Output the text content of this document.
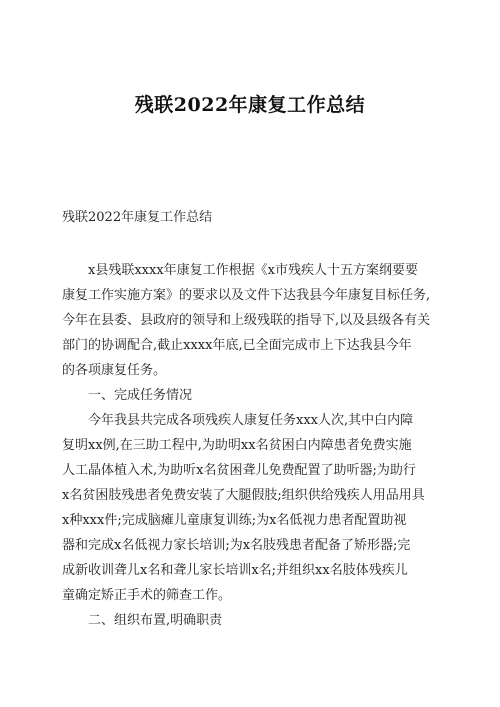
残联2022年康复工作总结
残联2022年康复工作总结
x县残联xxxx年康复工作根据《x市残疾人十五方案纲要要
康复工作实施方案》的要求以及文件下达我县今年康复目标任务,
今年在县委、县政府的领导和上级残联的指导下,以及县级各有关
部门的协调配合,截止xxxx年底,已全面完成市上下达我县今年
的各项康复任务。
一、完成任务情况
今年我县共完成各项残疾人康复任务xxx人次,其中白内障
复明xx例,在三助工程中,为助明xx名贫困白内障患者免费实施
人工晶体植入术,为助听x名贫困聋儿免费配置了助听器;为助行
x名贫困肢残患者免费安装了大腿假肢;组织供给残疾人用品用具
x种xxx件;完成脑瘫儿童康复训练;为x名低视力患者配置助视
器和完成x名低视力家长培训;为x名肢残患者配备了矫形器;完
成新收训聋儿x名和聋儿家长培训x名;并组织xx名肢体残疾儿
童确定矫正手术的筛查工作。
二、组织布置,明确职责
